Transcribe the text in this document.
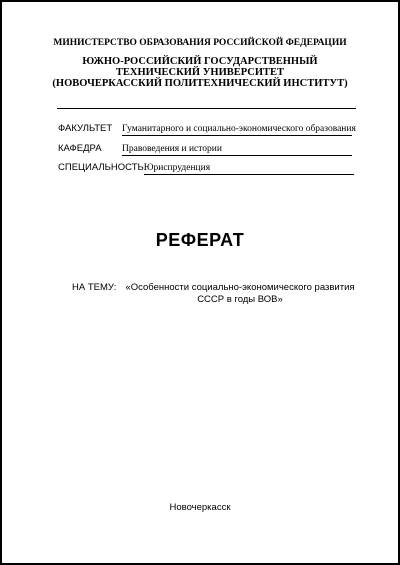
МИНИСТЕРСТВО ОБРАЗОВАНИЯ РОССИЙСКОЙ ФЕДЕРАЦИИ
ЮЖНО-РОССИЙСКИЙ ГОСУДАРСТВЕННЫЙ
ТЕХНИЧЕСКИЙ УНИВЕРСИТЕТ
(НОВОЧЕРКАССКИЙ ПОЛИТЕХНИЧЕСКИЙ ИНСТИТУТ)
ФАКУЛЬТЕТ Гуманитарного и социально-экономического образования
КАФЕДРА Правоведения и истории
СПЕЦИАЛЬНОСТЬЮриспруденция
РЕФЕРАТ
НА ТЕМУ: «Особенности социально-экономического развития
СССР в годы ВОВ»
Новочеркасск
